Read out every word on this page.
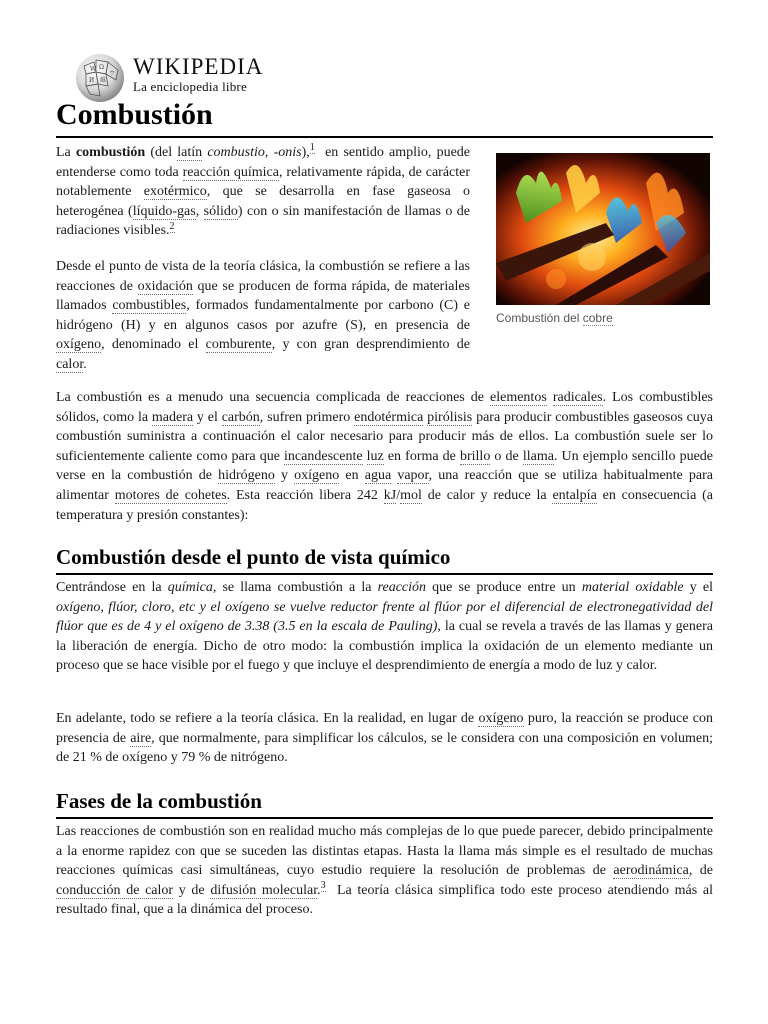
W Ω
И 維
ウ WIKIPEDIA
La enciclopedia libre
Combustión
Combustión del cobre

La combustión (del latín combustio, -onis),$^1$  en sentido amplio, puede entenderse como toda reacción química, relativamente rápida, de carácter notablemente exotérmico, que se desarrolla en fase gaseosa o heterogénea (líquido-gas, sólido) con o sin manifestación de llamas o de radiaciones visibles.$^2$

Desde el punto de vista de la teoría clásica, la combustión se refiere a las reacciones de oxidación que se producen de forma rápida, de materiales llamados combustibles, formados fundamentalmente por carbono (C) e hidrógeno (H) y en algunos casos por azufre (S), en presencia de oxígeno, denominado el comburente, y con gran desprendimiento de calor.

La combustión es a menudo una secuencia complicada de reacciones de elementos radicales. Los combustibles sólidos, como la madera y el carbón, sufren primero endotérmica pirólisis para producir combustibles gaseosos cuya combustión suministra a continuación el calor necesario para producir más de ellos. La combustión suele ser lo suficientemente caliente como para que incandescente luz en forma de brillo o de llama. Un ejemplo sencillo puede verse en la combustión de hidrógeno y oxígeno en agua vapor, una reacción que se utiliza habitualmente para alimentar motores de cohetes. Esta reacción libera 242 kJ/mol de calor y reduce la entalpía en consecuencia (a temperatura y presión constantes):

Combustión desde el punto de vista químico

Centrándose en la química, se llama combustión a la reacción que se produce entre un material oxidable y el oxígeno, flúor, cloro, etc y el oxígeno se vuelve reductor frente al flúor por el diferencial de electronegatividad del flúor que es de 4 y el oxígeno de 3.38 (3.5 en la escala de Pauling), la cual se revela a través de las llamas y genera la liberación de energía. Dicho de otro modo: la combustión implica la oxidación de un elemento mediante un proceso que se hace visible por el fuego y que incluye el desprendimiento de energía a modo de luz y calor.

En adelante, todo se refiere a la teoría clásica. En la realidad, en lugar de oxígeno puro, la reacción se produce con presencia de aire, que normalmente, para simplificar los cálculos, se le considera con una composición en volumen; de 21 % de oxígeno y 79 % de nitrógeno.

Fases de la combustión

Las reacciones de combustión son en realidad mucho más complejas de lo que puede parecer, debido principalmente a la enorme rapidez con que se suceden las distintas etapas. Hasta la llama más simple es el resultado de muchas reacciones químicas casi simultáneas, cuyo estudio requiere la resolución de problemas de aerodinámica, de conducción de calor y de difusión molecular.$^3$  La teoría clásica simplifica todo este proceso atendiendo más al resultado final, que a la dinámica del proceso.
